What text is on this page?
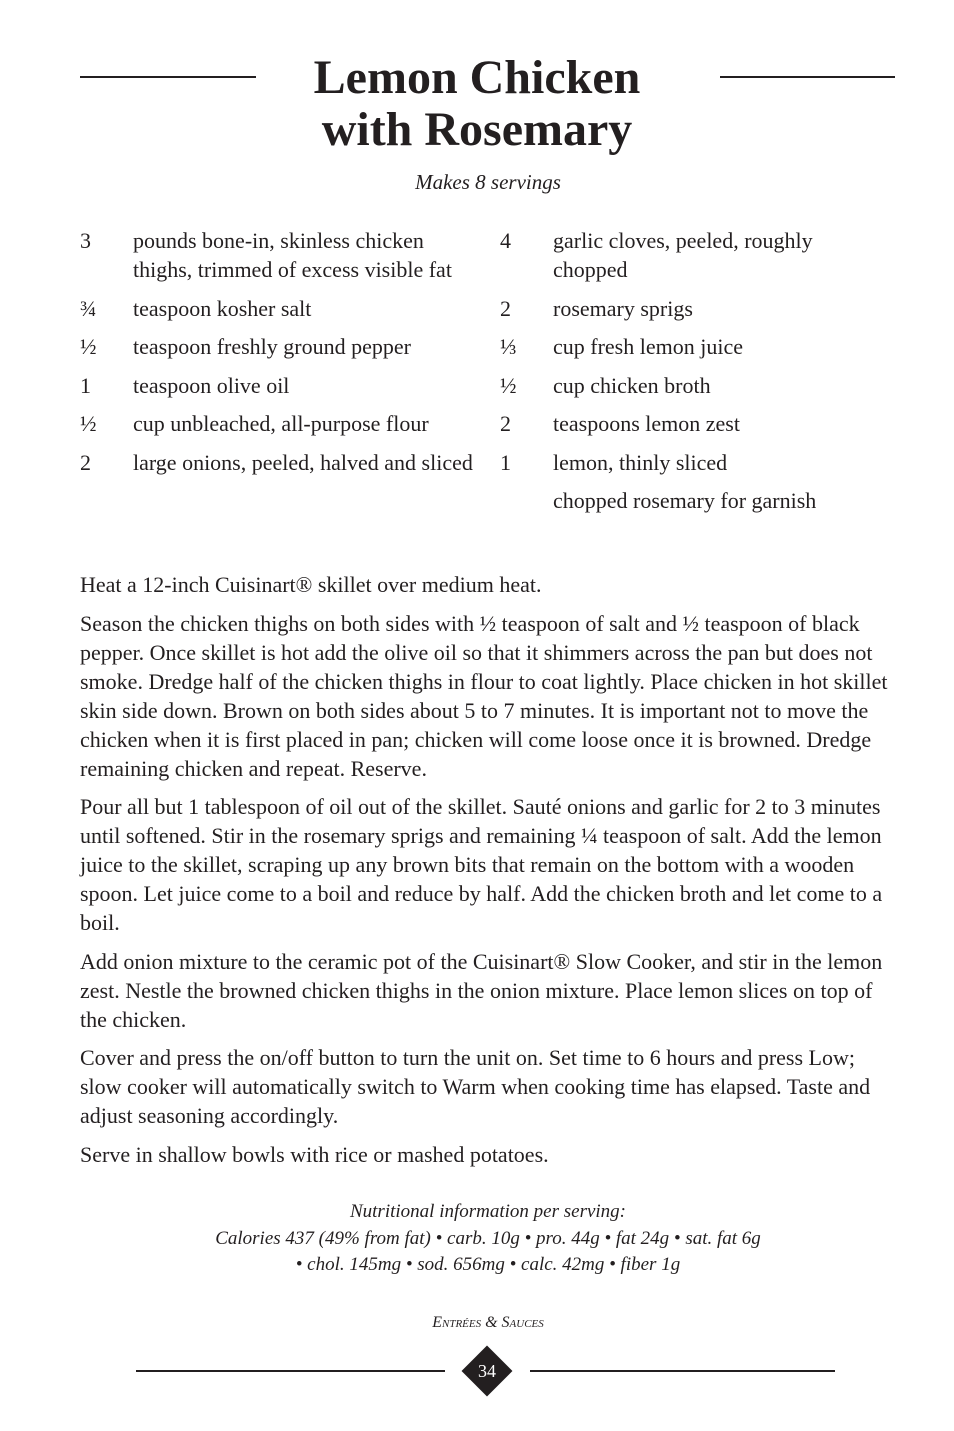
Lemon Chicken
with Rosemary
Makes 8 servings
3	pounds bone-in, skinless chicken thighs, trimmed of excess visible fat
¾	teaspoon kosher salt
½	teaspoon freshly ground pepper
1	teaspoon olive oil
½	cup unbleached, all-purpose flour
2	large onions, peeled, halved and sliced
4	garlic cloves, peeled, roughly chopped
2	rosemary sprigs
⅓	cup fresh lemon juice
½	cup chicken broth
2	teaspoons lemon zest
1	lemon, thinly sliced
chopped rosemary for garnish

Heat a 12-inch Cuisinart® skillet over medium heat.

Season the chicken thighs on both sides with ½ teaspoon of salt and ½ teaspoon of black pepper. Once skillet is hot add the olive oil so that it shimmers across the pan but does not smoke. Dredge half of the chicken thighs in flour to coat lightly. Place chicken in hot skillet skin side down. Brown on both sides about 5 to 7 minutes. It is important not to move the chicken when it is first placed in pan; chicken will come loose once it is browned. Dredge remaining chicken and repeat. Reserve.

Pour all but 1 tablespoon of oil out of the skillet. Sauté onions and garlic for 2 to 3 minutes until softened. Stir in the rosemary sprigs and remaining ¼ teaspoon of salt. Add the lemon juice to the skillet, scraping up any brown bits that remain on the bottom with a wooden spoon. Let juice come to a boil and reduce by half. Add the chicken broth and let come to a boil.

Add onion mixture to the ceramic pot of the Cuisinart® Slow Cooker, and stir in the lemon zest. Nestle the browned chicken thighs in the onion mixture. Place lemon slices on top of the chicken.

Cover and press the on/off button to turn the unit on. Set time to 6 hours and press Low; slow cooker will automatically switch to Warm when cooking time has elapsed. Taste and adjust seasoning accordingly.

Serve in shallow bowls with rice or mashed potatoes.

Nutritional information per serving:
Calories 437 (49% from fat) • carb. 10g • pro. 44g • fat 24g • sat. fat 6g
• chol. 145mg • sod. 656mg • calc. 42mg • fiber 1g
Entrées & Sauces
34
